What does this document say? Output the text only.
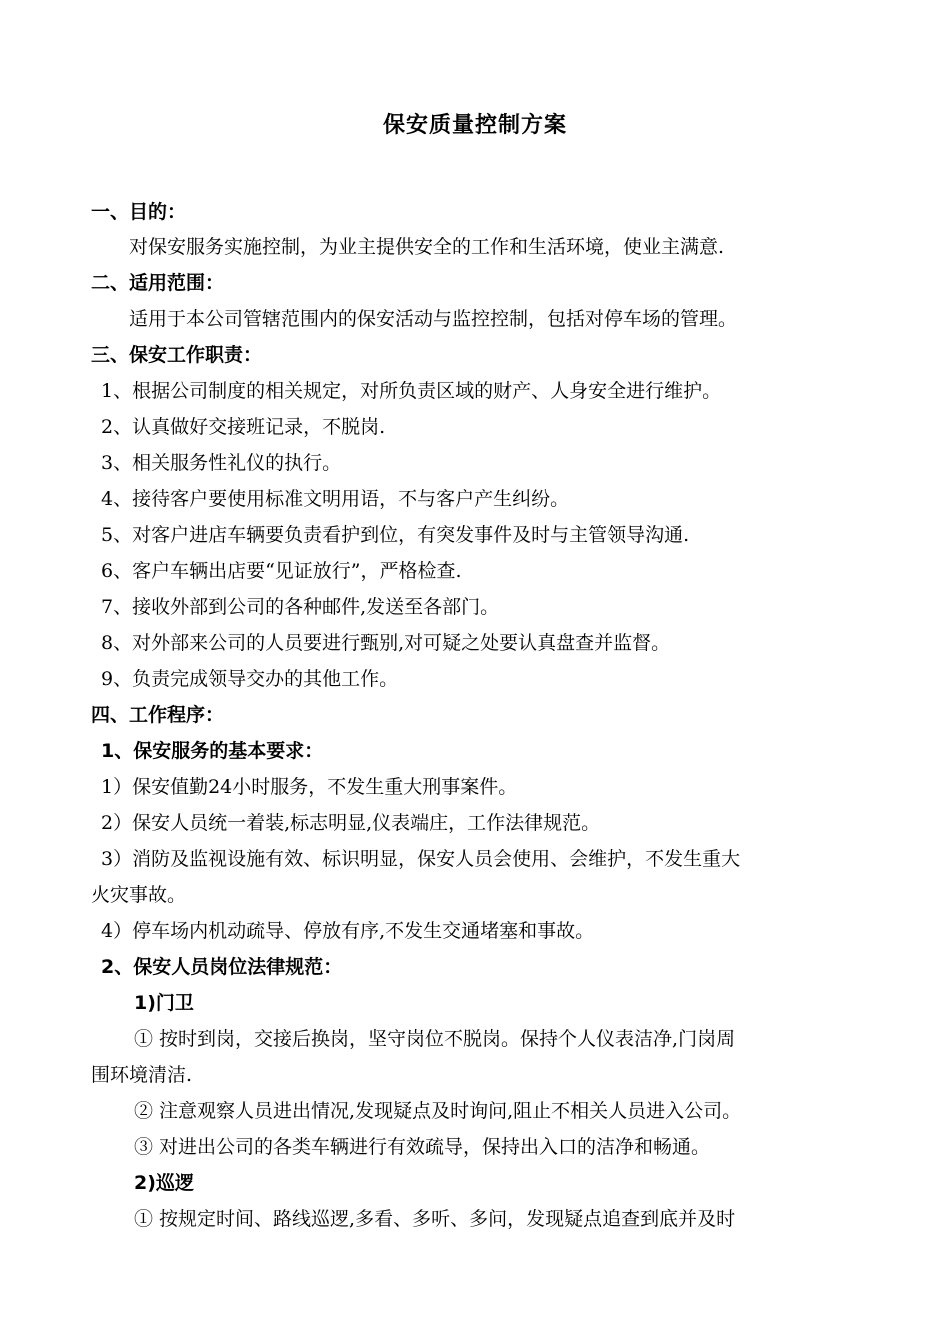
保安质量控制方案
一、目的：
对保安服务实施控制，为业主提供安全的工作和生活环境，使业主满意.
二、适用范围：
适用于本公司管辖范围内的保安活动与监控控制，包括对停车场的管理。
三、保安工作职责：
1、根据公司制度的相关规定，对所负责区域的财产、人身安全进行维护。
2、认真做好交接班记录，不脱岗.
3、相关服务性礼仪的执行。
4、接待客户要使用标准文明用语，不与客户产生纠纷。
5、对客户进店车辆要负责看护到位，有突发事件及时与主管领导沟通.
6、客户车辆出店要“见证放行”，严格检查.
7、接收外部到公司的各种邮件,发送至各部门。
8、对外部来公司的人员要进行甄别,对可疑之处要认真盘查并监督。
9、负责完成领导交办的其他工作。
四、工作程序：
1、保安服务的基本要求：
1）保安值勤24小时服务，不发生重大刑事案件。
2）保安人员统一着装,标志明显,仪表端庄，工作法律规范。
3）消防及监视设施有效、标识明显，保安人员会使用、会维护，不发生重大
火灾事故。
4）停车场内机动疏导、停放有序,不发生交通堵塞和事故。
2、保安人员岗位法律规范：
1)门卫
① 按时到岗，交接后换岗，坚守岗位不脱岗。保持个人仪表洁净,门岗周
围环境清洁.
② 注意观察人员进出情况,发现疑点及时询问,阻止不相关人员进入公司。
③ 对进出公司的各类车辆进行有效疏导，保持出入口的洁净和畅通。
2)巡逻
① 按规定时间、路线巡逻,多看、多听、多问，发现疑点追查到底并及时
